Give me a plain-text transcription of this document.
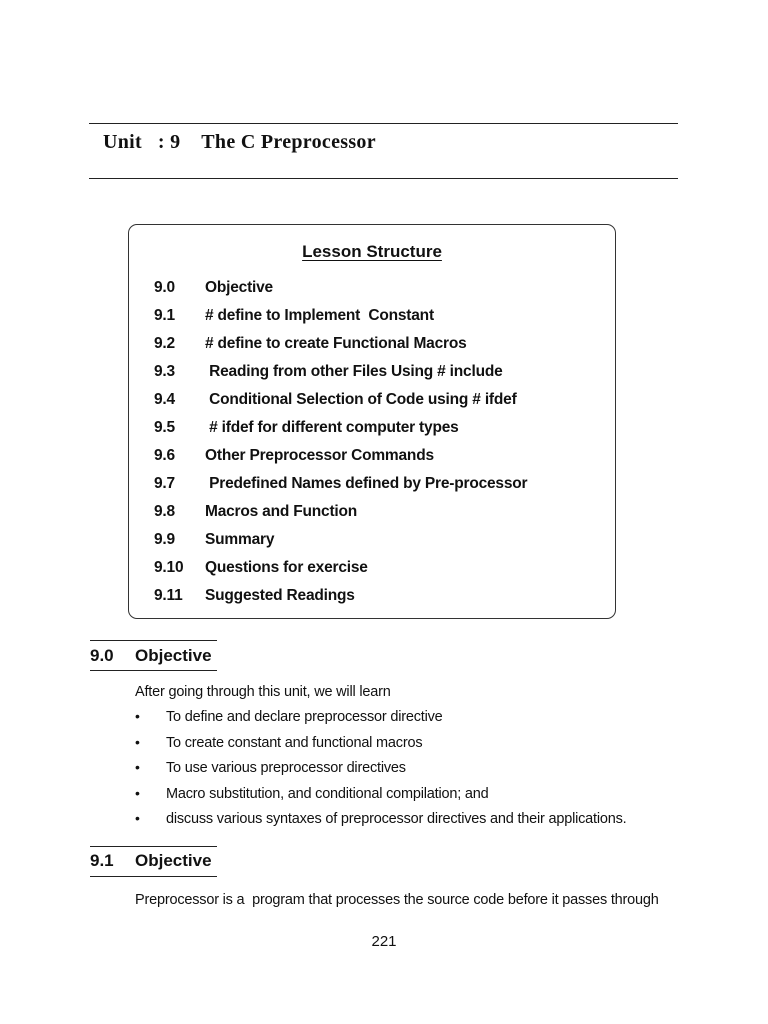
Unit   : 9    The C Preprocessor
Lesson Structure
9.0 Objective
9.1 # define to Implement  Constant
9.2 # define to create Functional Macros
9.3 Reading from other Files Using # include
9.4 Conditional Selection of Code using # ifdef
9.5 # ifdef for different computer types
9.6 Other Preprocessor Commands
9.7 Predefined Names defined by Pre-processor
9.8 Macros and Function
9.9 Summary
9.10 Questions for exercise
9.11 Suggested Readings
9.0 Objective
After going through this unit, we will learn
• To define and declare preprocessor directive
• To create constant and functional macros
• To use various preprocessor directives
• Macro substitution, and conditional compilation; and
• discuss various syntaxes of preprocessor directives and their applications.
9.1 Objective
Preprocessor is a  program that processes the source code before it passes through
221
